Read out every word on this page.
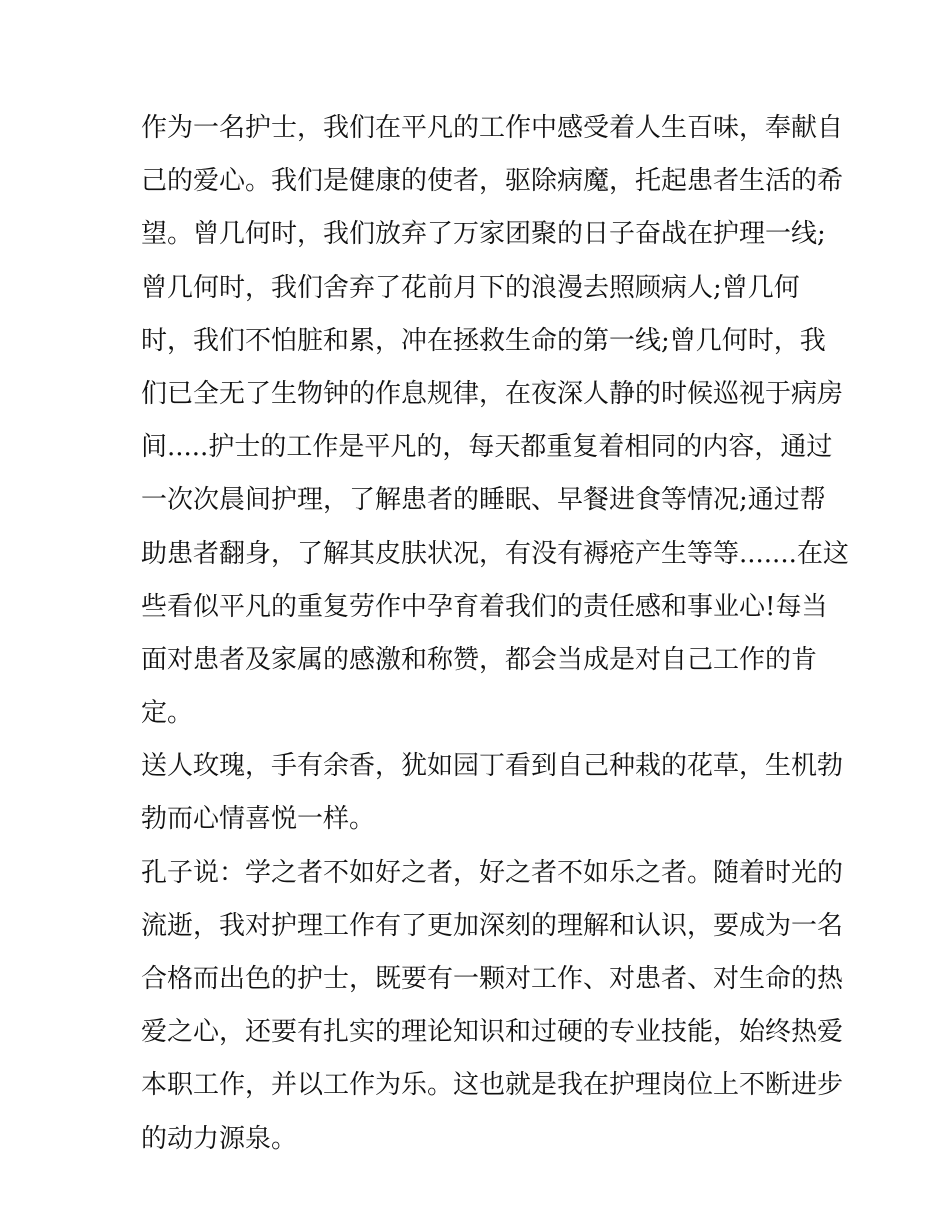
作为一名护士，我们在平凡的工作中感受着人生百味，奉献自
己的爱心。我们是健康的使者，驱除病魔，托起患者生活的希
望。曾几何时，我们放弃了万家团聚的日子奋战在护理一线;
曾几何时，我们舍弃了花前月下的浪漫去照顾病人;曾几何
时，我们不怕脏和累，冲在拯救生命的第一线;曾几何时，我
们已全无了生物钟的作息规律，在夜深人静的时候巡视于病房
间.....护士的工作是平凡的，每天都重复着相同的内容，通过
一次次晨间护理，了解患者的睡眠、早餐进食等情况;通过帮
助患者翻身，了解其皮肤状况，有没有褥疮产生等等.......在这
些看似平凡的重复劳作中孕育着我们的责任感和事业心!每当
面对患者及家属的感激和称赞，都会当成是对自己工作的肯
定。
送人玫瑰，手有余香，犹如园丁看到自己种栽的花草，生机勃
勃而心情喜悦一样。
孔子说：学之者不如好之者，好之者不如乐之者。随着时光的
流逝，我对护理工作有了更加深刻的理解和认识，要成为一名
合格而出色的护士，既要有一颗对工作、对患者、对生命的热
爱之心，还要有扎实的理论知识和过硬的专业技能，始终热爱
本职工作，并以工作为乐。这也就是我在护理岗位上不断进步
的动力源泉。
